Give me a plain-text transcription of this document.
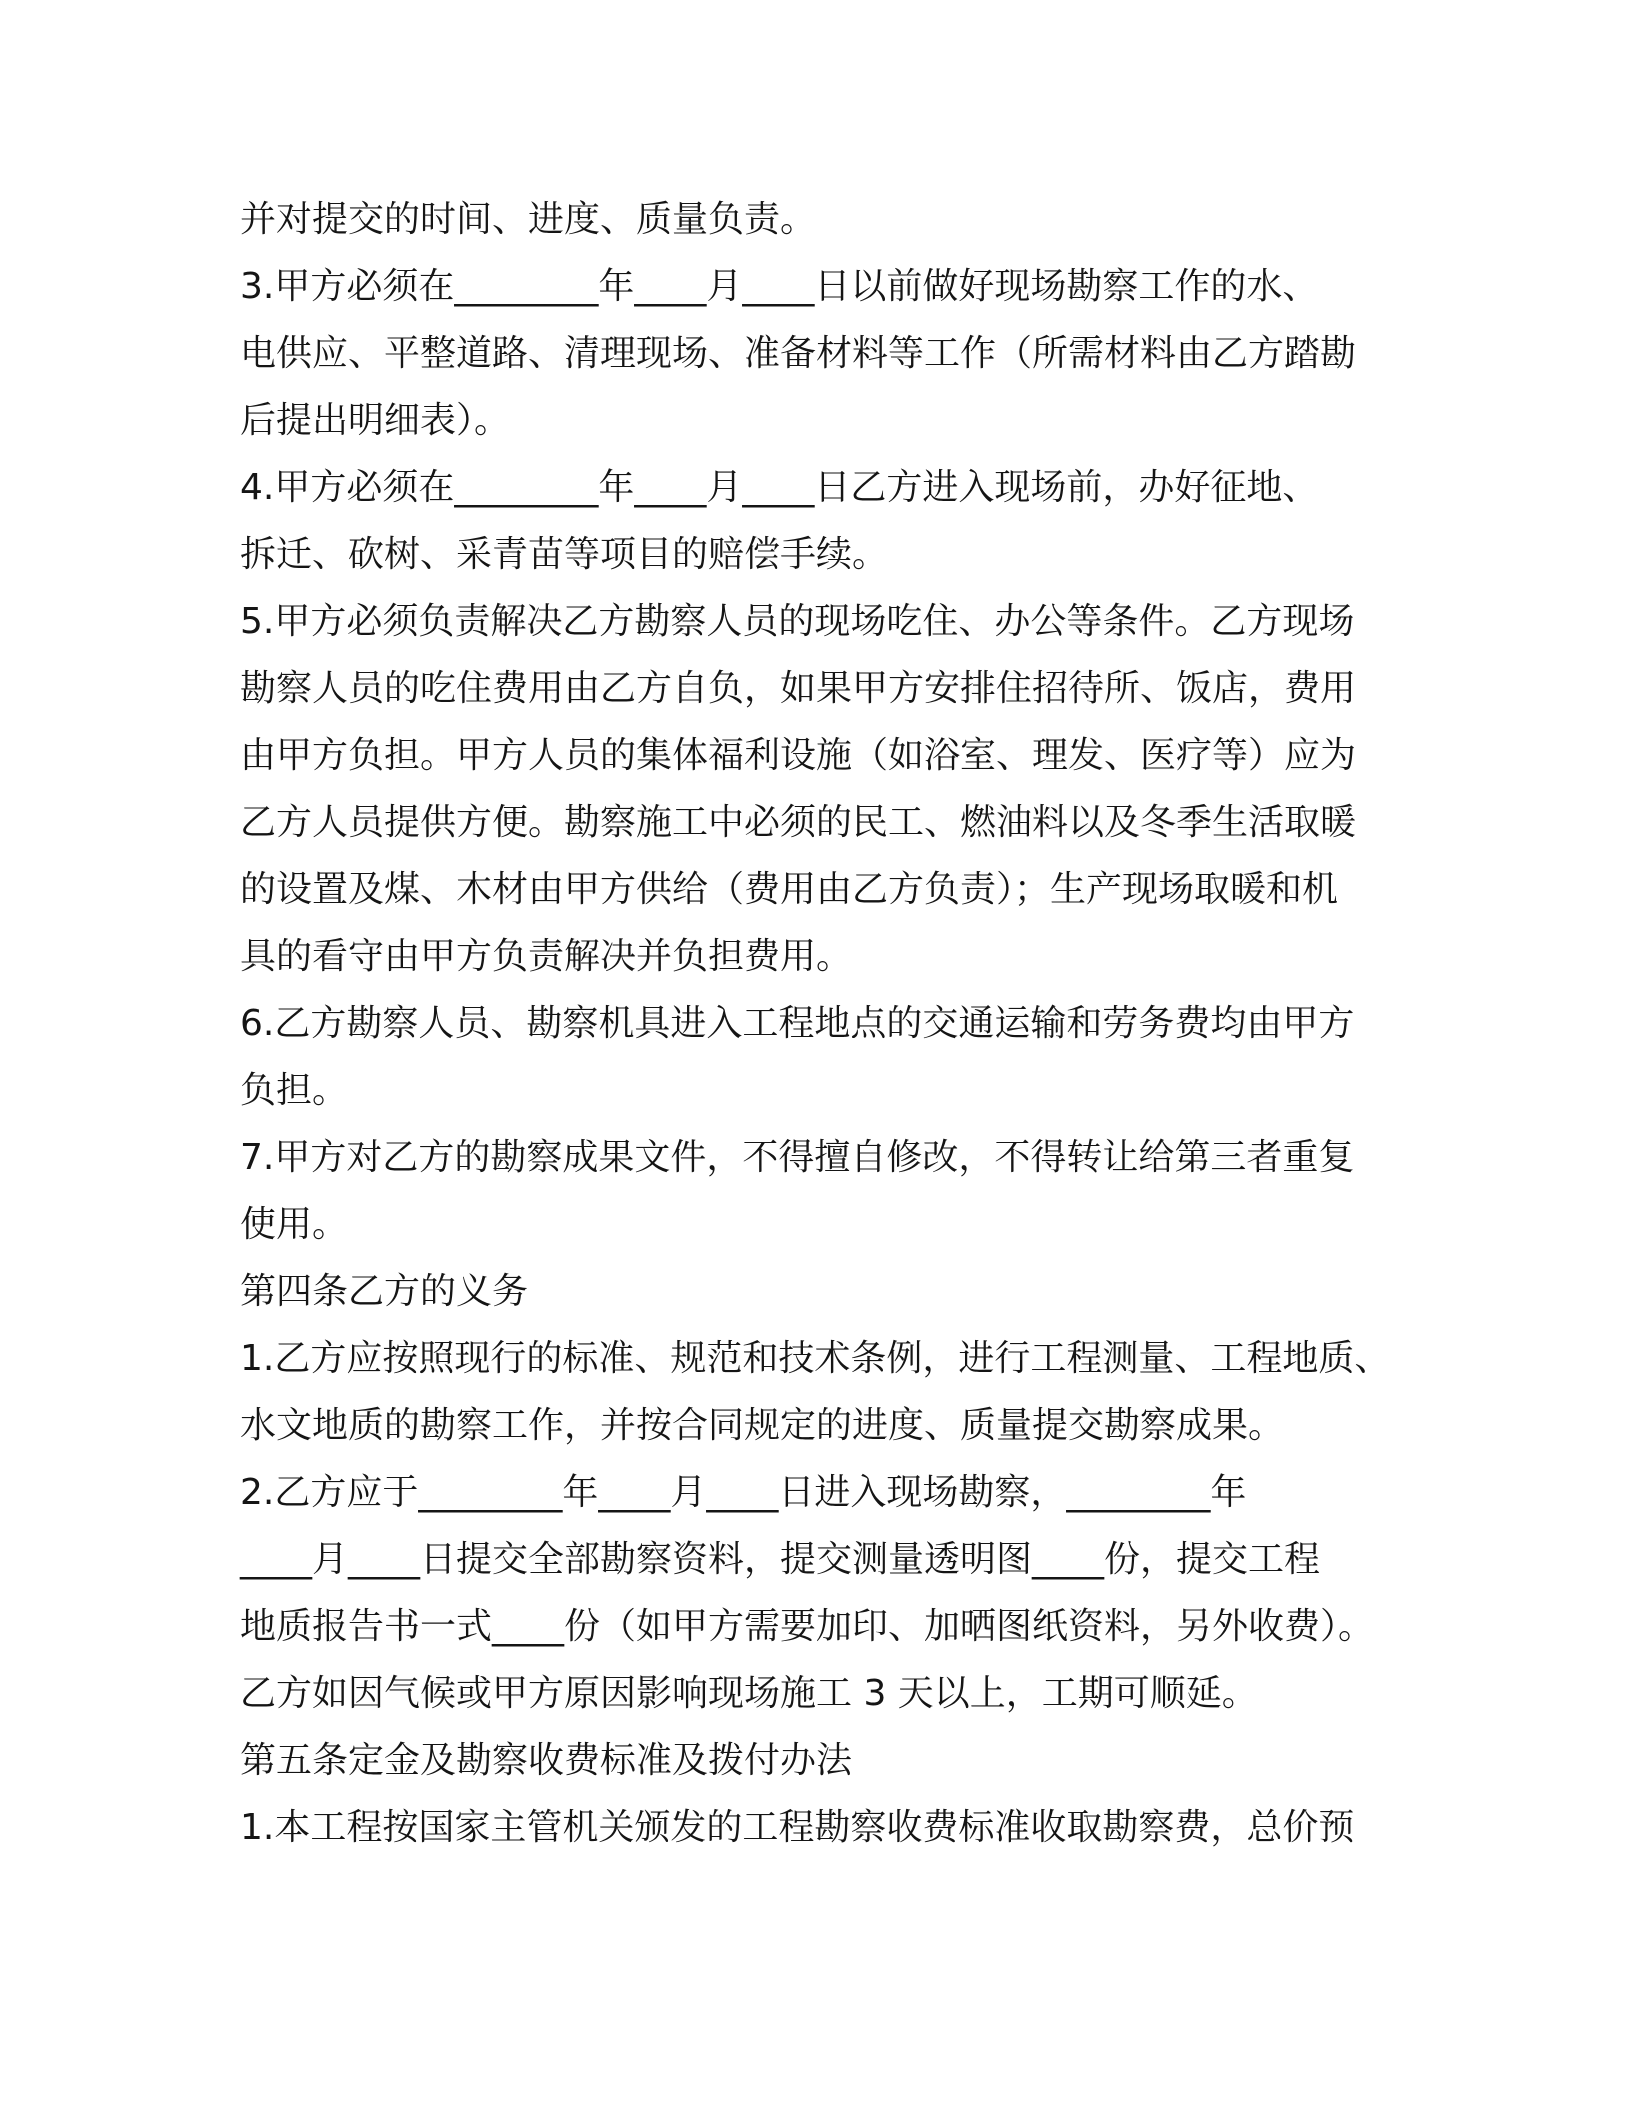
并对提交的时间、进度、质量负责。
3.甲方必须在________年____月____日以前做好现场勘察工作的水、
电供应、平整道路、清理现场、准备材料等工作（所需材料由乙方踏勘
后提出明细表）。
4.甲方必须在________年____月____日乙方进入现场前，办好征地、
拆迁、砍树、采青苗等项目的赔偿手续。
5.甲方必须负责解决乙方勘察人员的现场吃住、办公等条件。乙方现场
勘察人员的吃住费用由乙方自负，如果甲方安排住招待所、饭店，费用
由甲方负担。甲方人员的集体福利设施（如浴室、理发、医疗等）应为
乙方人员提供方便。勘察施工中必须的民工、燃油料以及冬季生活取暖
的设置及煤、木材由甲方供给（费用由乙方负责）；生产现场取暖和机
具的看守由甲方负责解决并负担费用。
6.乙方勘察人员、勘察机具进入工程地点的交通运输和劳务费均由甲方
负担。
7.甲方对乙方的勘察成果文件，不得擅自修改，不得转让给第三者重复
使用。
第四条乙方的义务
1.乙方应按照现行的标准、规范和技术条例，进行工程测量、工程地质、
水文地质的勘察工作，并按合同规定的进度、质量提交勘察成果。
2.乙方应于________年____月____日进入现场勘察，________年
____月____日提交全部勘察资料，提交测量透明图____份，提交工程
地质报告书一式____份（如甲方需要加印、加晒图纸资料，另外收费）。
乙方如因气候或甲方原因影响现场施工 3 天以上，工期可顺延。
第五条定金及勘察收费标准及拨付办法
1.本工程按国家主管机关颁发的工程勘察收费标准收取勘察费，总价预
